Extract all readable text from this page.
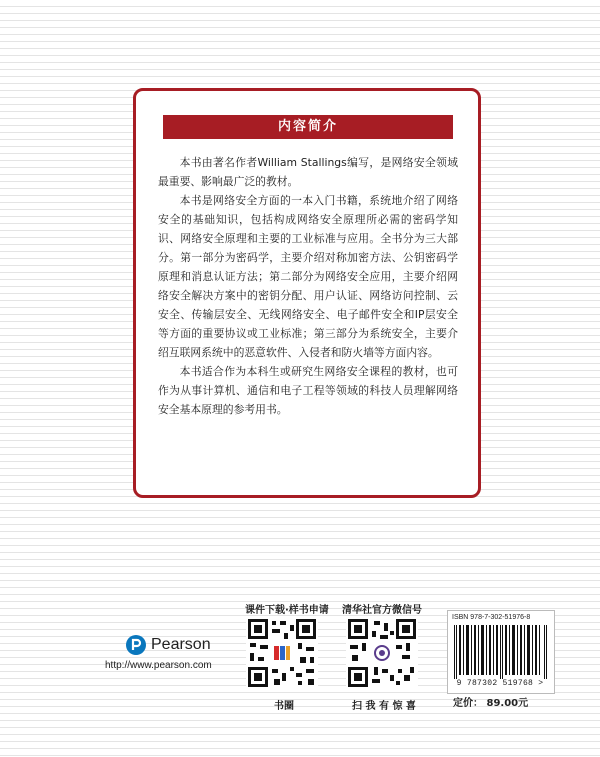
内容简介

本书由著名作者William Stallings编写，是网络安全领域最重要、影响最广泛的教材。

本书是网络安全方面的一本入门书籍，系统地介绍了网络安全的基础知识，包括构成网络安全原理所必需的密码学知识、网络安全原理和主要的工业标准与应用。全书分为三大部分。第一部分为密码学，主要介绍对称加密方法、公钥密码学原理和消息认证方法；第二部分为网络安全应用，主要介绍网络安全解决方案中的密钥分配、用户认证、网络访问控制、云安全、传输层安全、无线网络安全、电子邮件安全和IP层安全等方面的重要协议或工业标准；第三部分为系统安全，主要介绍互联网系统中的恶意软件、入侵者和防火墙等方面内容。

本书适合作为本科生或研究生网络安全课程的教材，也可作为从事计算机、通信和电子工程等领域的科技人员理解网络安全基本原理的参考用书。

Pearson
http://www.pearson.com
课件下载·样书申请
书圈
清华社官方微信号
扫 我 有 惊 喜
ISBN 978-7-302-51976-8
9 787302 519768 >
定价： 89.00元
